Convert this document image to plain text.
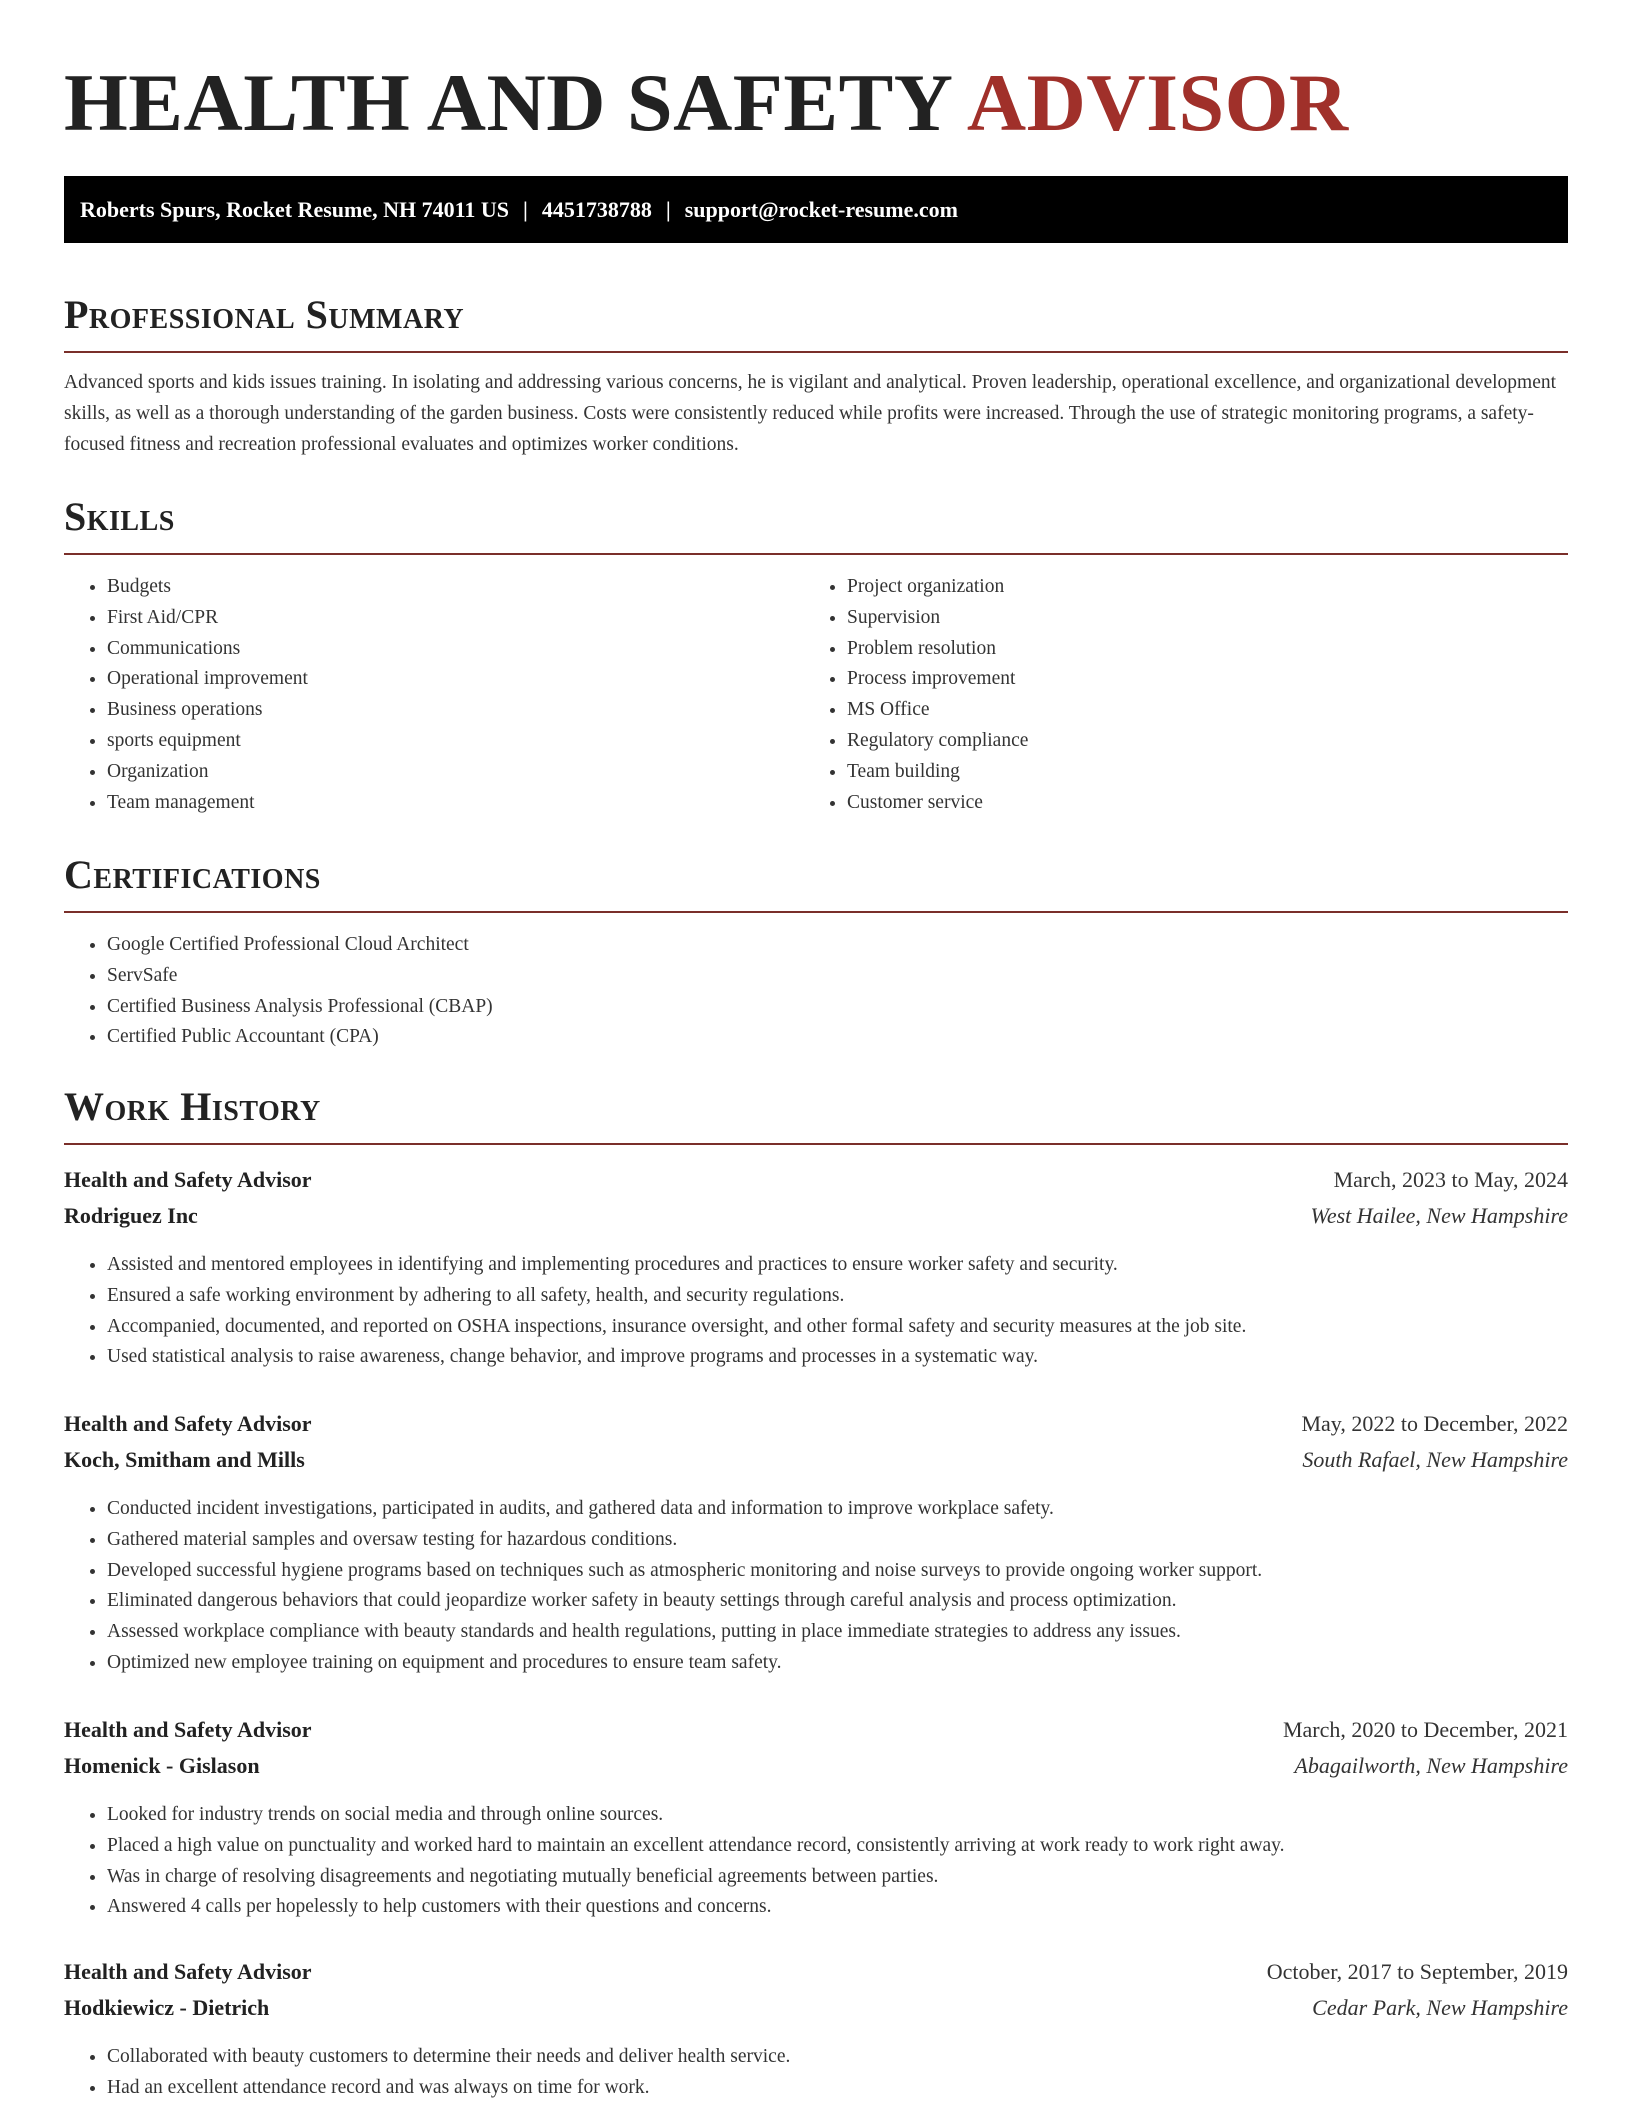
HEALTH AND SAFETY ADVISOR
Roberts Spurs, Rocket Resume, NH 74011 US | 4451738788 | support@rocket-resume.com
Professional Summary

Advanced sports and kids issues training. In isolating and addressing various concerns, he is vigilant and analytical. Proven leadership, operational excellence, and organizational development skills, as well as a thorough understanding of the garden business. Costs were consistently reduced while profits were increased. Through the use of strategic monitoring programs, a safety-focused fitness and recreation professional evaluates and optimizes worker conditions.

Skills
• Budgets
• First Aid/CPR
• Communications
• Operational improvement
• Business operations
• sports equipment
• Organization
• Team management
• Project organization
• Supervision
• Problem resolution
• Process improvement
• MS Office
• Regulatory compliance
• Team building
• Customer service
Certifications
• Google Certified Professional Cloud Architect
• ServSafe
• Certified Business Analysis Professional (CBAP)
• Certified Public Accountant (CPA)
Work History
Health and Safety Advisor	March, 2023 to May, 2024
Rodriguez Inc	West Hailee, New Hampshire
• Assisted and mentored employees in identifying and implementing procedures and practices to ensure worker safety and security.
• Ensured a safe working environment by adhering to all safety, health, and security regulations.
• Accompanied, documented, and reported on OSHA inspections, insurance oversight, and other formal safety and security measures at the job site.
• Used statistical analysis to raise awareness, change behavior, and improve programs and processes in a systematic way.
Health and Safety Advisor	May, 2022 to December, 2022
Koch, Smitham and Mills	South Rafael, New Hampshire
• Conducted incident investigations, participated in audits, and gathered data and information to improve workplace safety.
• Gathered material samples and oversaw testing for hazardous conditions.
• Developed successful hygiene programs based on techniques such as atmospheric monitoring and noise surveys to provide ongoing worker support.
• Eliminated dangerous behaviors that could jeopardize worker safety in beauty settings through careful analysis and process optimization.
• Assessed workplace compliance with beauty standards and health regulations, putting in place immediate strategies to address any issues.
• Optimized new employee training on equipment and procedures to ensure team safety.
Health and Safety Advisor	March, 2020 to December, 2021
Homenick - Gislason	Abagailworth, New Hampshire
• Looked for industry trends on social media and through online sources.
• Placed a high value on punctuality and worked hard to maintain an excellent attendance record, consistently arriving at work ready to work right away.
• Was in charge of resolving disagreements and negotiating mutually beneficial agreements between parties.
• Answered 4 calls per hopelessly to help customers with their questions and concerns.
Health and Safety Advisor	October, 2017 to September, 2019
Hodkiewicz - Dietrich	Cedar Park, New Hampshire
• Collaborated with beauty customers to determine their needs and deliver health service.
• Had an excellent attendance record and was always on time for work.
